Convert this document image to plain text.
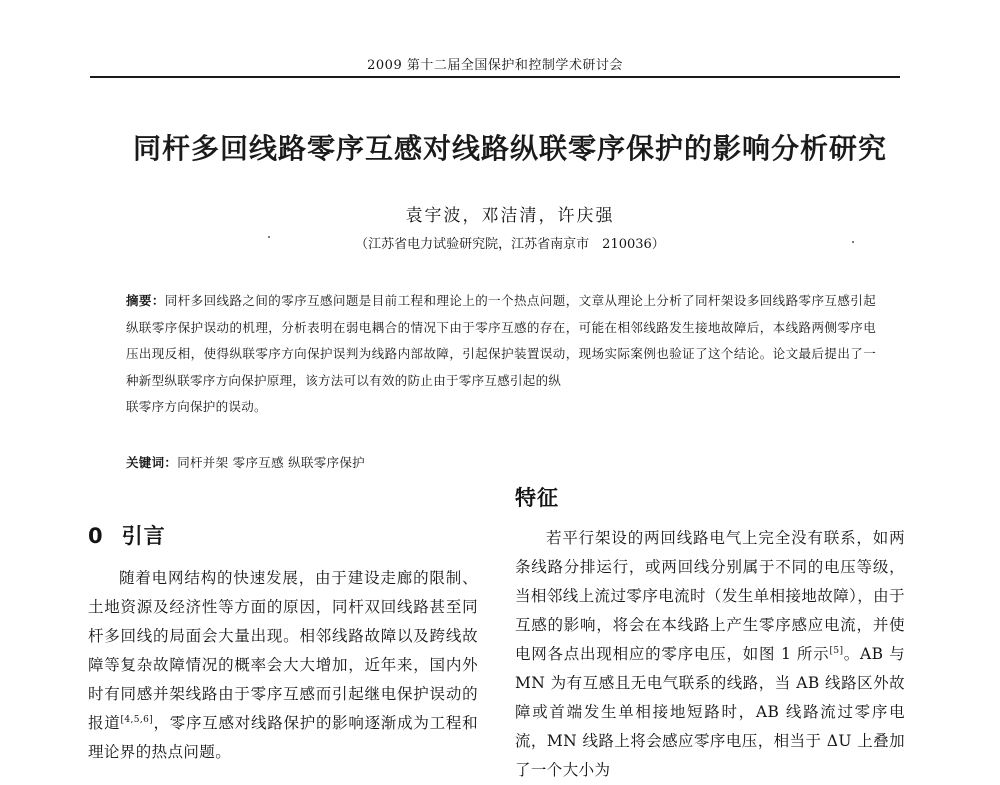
2009 第十二届全国保护和控制学术研讨会
同杆多回线路零序互感对线路纵联零序保护的影响分析研究
袁宇波，邓洁清，许庆强
（江苏省电力试验研究院，江苏省南京市　210036）

摘要：同杆多回线路之间的零序互感问题是目前工程和理论上的一个热点问题，文章从理论上分析了同杆架设多回线路零序互感引起纵联零序保护误动的机理，分析表明在弱电耦合的情况下由于零序互感的存在，可能在相邻线路发生接地故障后，本线路两侧零序电压出现反相，使得纵联零序方向保护误判为线路内部故障，引起保护装置误动，现场实际案例也验证了这个结论。论文最后提出了一种新型纵联零序方向保护原理，该方法可以有效的防止由于零序互感引起的纵

联零序方向保护的误动。

关键词：同杆并架 零序互感 纵联零序保护
0 引言

随着电网结构的快速发展，由于建设走廊的限制、土地资源及经济性等方面的原因，同杆双回线路甚至同杆多回线的局面会大量出现。相邻线路故障以及跨线故障等复杂故障情况的概率会大大增加，近年来，国内外时有同感并架线路由于零序互感而引起继电保护误动的报道[4,5,6]，零序互感对线路保护的影响逐渐成为工程和理论界的热点问题。

特征

若平行架设的两回线路电气上完全没有联系，如两条线路分排运行，或两回线分别属于不同的电压等级，当相邻线上流过零序电流时（发生单相接地故障），由于互感的影响，将会在本线路上产生零序感应电流，并使电网各点出现相应的零序电压，如图 1 所示[5]。AB 与 MN 为有互感且无电气联系的线路，当 AB 线路区外故障或首端发生单相接地短路时，AB 线路流过零序电流，MN 线路上将会感应零序电压，相当于 ΔU 上叠加了一个大小为
